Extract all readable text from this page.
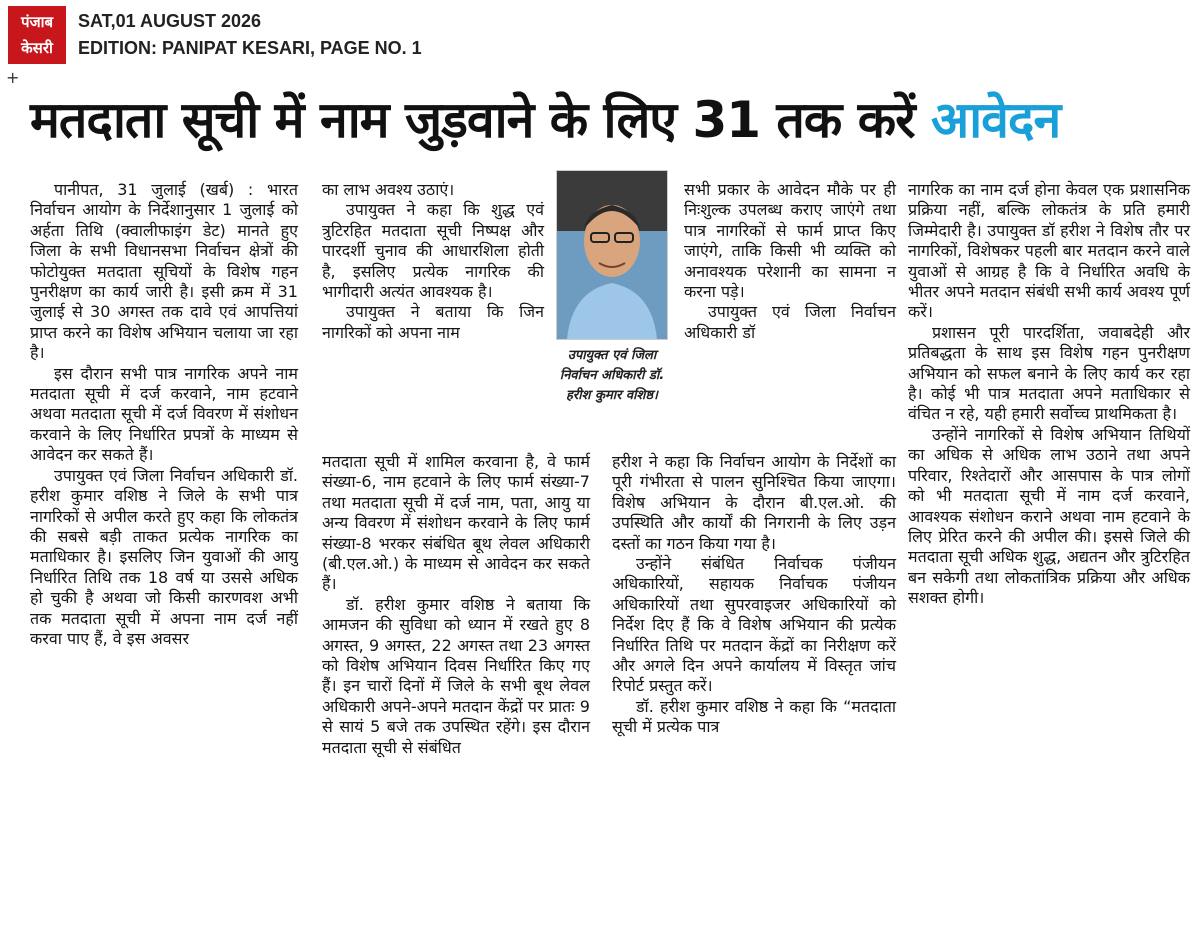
पंजाब
केसरी
SAT,01 AUGUST 2026
EDITION: PANIPAT KESARI, PAGE NO. 1
+
मतदाता सूची में नाम जुड़वाने के लिए 31 तक करें आवेदन

पानीपत, 31 जुलाई (खर्ब) : भारत निर्वाचन आयोग के निर्देशानुसार 1 जुलाई को अर्हता तिथि (क्वालीफाइंग डेट) मानते हुए जिला के सभी विधानसभा निर्वाचन क्षेत्रों की फोटोयुक्त मतदाता सूचियों के विशेष गहन पुनरीक्षण का कार्य जारी है। इसी क्रम में 31 जुलाई से 30 अगस्त तक दावे एवं आपत्तियां प्राप्त करने का विशेष अभियान चलाया जा रहा है।

इस दौरान सभी पात्र नागरिक अपने नाम मतदाता सूची में दर्ज करवाने, नाम हटवाने अथवा मतदाता सूची में दर्ज विवरण में संशोधन करवाने के लिए निर्धारित प्रपत्रों के माध्यम से आवेदन कर सकते हैं।

उपायुक्त एवं जिला निर्वाचन अधिकारी डॉ. हरीश कुमार वशिष्ठ ने जिले के सभी पात्र नागरिकों से अपील करते हुए कहा कि लोकतंत्र की सबसे बड़ी ताकत प्रत्येक नागरिक का मताधिकार है। इसलिए जिन युवाओं की आयु निर्धारित तिथि तक 18 वर्ष या उससे अधिक हो चुकी है अथवा जो किसी कारणवश अभी तक मतदाता सूची में अपना नाम दर्ज नहीं करवा पाए हैं, वे इस अवसर

का लाभ अवश्य उठाएं।

उपायुक्त ने कहा कि शुद्ध एवं त्रुटिरहित मतदाता सूची निष्पक्ष और पारदर्शी चुनाव की आधारशिला होती है, इसलिए प्रत्येक नागरिक की भागीदारी अत्यंत आवश्यक है।

उपायुक्त ने बताया कि जिन नागरिकों को अपना नाम

मतदाता सूची में शामिल करवाना है, वे फार्म संख्या-6, नाम हटवाने के लिए फार्म संख्या-7 तथा मतदाता सूची में दर्ज नाम, पता, आयु या अन्य विवरण में संशोधन करवाने के लिए फार्म संख्या-8 भरकर संबंधित बूथ लेवल अधिकारी (बी.एल.ओ.) के माध्यम से आवेदन कर सकते हैं।

डॉ. हरीश कुमार वशिष्ठ ने बताया कि आमजन की सुविधा को ध्यान में रखते हुए 8 अगस्त, 9 अगस्त, 22 अगस्त तथा 23 अगस्त को विशेष अभियान दिवस निर्धारित किए गए हैं। इन चारों दिनों में जिले के सभी बूथ लेवल अधिकारी अपने-अपने मतदान केंद्रों पर प्रातः 9 से सायं 5 बजे तक उपस्थित रहेंगे। इस दौरान मतदाता सूची से संबंधित

उपायुक्त एवं जिला निर्वाचन अधिकारी डॉ. हरीश कुमार वशिष्ठ।

सभी प्रकार के आवेदन मौके पर ही निःशुल्क उपलब्ध कराए जाएंगे तथा पात्र नागरिकों से फार्म प्राप्त किए जाएंगे, ताकि किसी भी व्यक्ति को अनावश्यक परेशानी का सामना न करना पड़े।

उपायुक्त एवं जिला निर्वाचन अधिकारी डॉ

हरीश ने कहा कि निर्वाचन आयोग के निर्देशों का पूरी गंभीरता से पालन सुनिश्चित किया जाएगा। विशेष अभियान के दौरान बी.एल.ओ. की उपस्थिति और कार्यों की निगरानी के लिए उड़न दस्तों का गठन किया गया है।

उन्होंने संबंधित निर्वाचक पंजीयन अधिकारियों, सहायक निर्वाचक पंजीयन अधिकारियों तथा सुपरवाइजर अधिकारियों को निर्देश दिए हैं कि वे विशेष अभियान की प्रत्येक निर्धारित तिथि पर मतदान केंद्रों का निरीक्षण करें और अगले दिन अपने कार्यालय में विस्तृत जांच रिपोर्ट प्रस्तुत करें।

डॉ. हरीश कुमार वशिष्ठ ने कहा कि “मतदाता सूची में प्रत्येक पात्र

नागरिक का नाम दर्ज होना केवल एक प्रशासनिक प्रक्रिया नहीं, बल्कि लोकतंत्र के प्रति हमारी जिम्मेदारी है। उपायुक्त डॉ हरीश ने विशेष तौर पर नागरिकों, विशेषकर पहली बार मतदान करने वाले युवाओं से आग्रह है कि वे निर्धारित अवधि के भीतर अपने मतदान संबंधी सभी कार्य अवश्य पूर्ण करें।

प्रशासन पूरी पारदर्शिता, जवाबदेही और प्रतिबद्धता के साथ इस विशेष गहन पुनरीक्षण अभियान को सफल बनाने के लिए कार्य कर रहा है। कोई भी पात्र मतदाता अपने मताधिकार से वंचित न रहे, यही हमारी सर्वोच्च प्राथमिकता है।

उन्होंने नागरिकों से विशेष अभियान तिथियों का अधिक से अधिक लाभ उठाने तथा अपने परिवार, रिश्तेदारों और आसपास के पात्र लोगों को भी मतदाता सूची में नाम दर्ज करवाने, आवश्यक संशोधन कराने अथवा नाम हटवाने के लिए प्रेरित करने की अपील की। इससे जिले की मतदाता सूची अधिक शुद्ध, अद्यतन और त्रुटिरहित बन सकेगी तथा लोकतांत्रिक प्रक्रिया और अधिक सशक्त होगी।
